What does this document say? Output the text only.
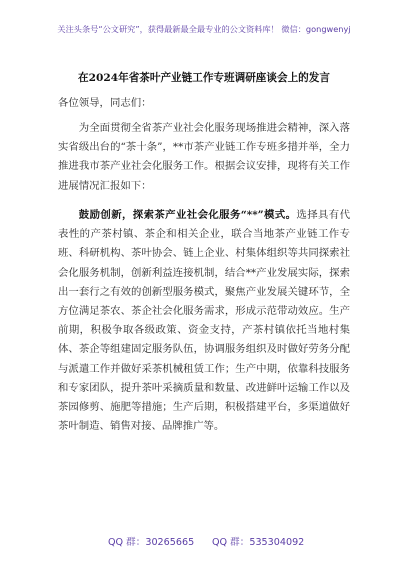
关注头条号“公文研究”，获得最新最全最专业的公文资料库！ 微信：gongwenyj
在2024年省茶叶产业链工作专班调研座谈会上的发言
各位领导，同志们：

为全面贯彻全省茶产业社会化服务现场推进会精神，深入落实省级出台的“茶十条”，**市茶产业链工作专班多措并举，全力推进我市茶产业社会化服务工作。根据会议安排，现将有关工作进展情况汇报如下：

鼓励创新，探索茶产业社会化服务“**”模式。选择具有代表性的产茶村镇、茶企和相关企业，联合当地茶产业链工作专班、科研机构、茶叶协会、链上企业、村集体组织等共同探索社会化服务机制，创新利益连接机制，结合**产业发展实际，探索出一套行之有效的创新型服务模式，聚焦产业发展关键环节，全方位满足茶农、茶企社会化服务需求，形成示范带动效应。生产前期，积极争取各级政策、资金支持，产茶村镇依托当地村集体、茶企等组建固定服务队伍，协调服务组织及时做好劳务分配与派遣工作并做好采茶机械租赁工作；生产中期，依靠科技服务和专家团队，提升茶叶采摘质量和数量、改进鲜叶运输工作以及茶园修剪、施肥等措施；生产后期，积极搭建平台，多渠道做好茶叶制造、销售对接、品牌推广等。

QQ 群：30265665 QQ 群：535304092
